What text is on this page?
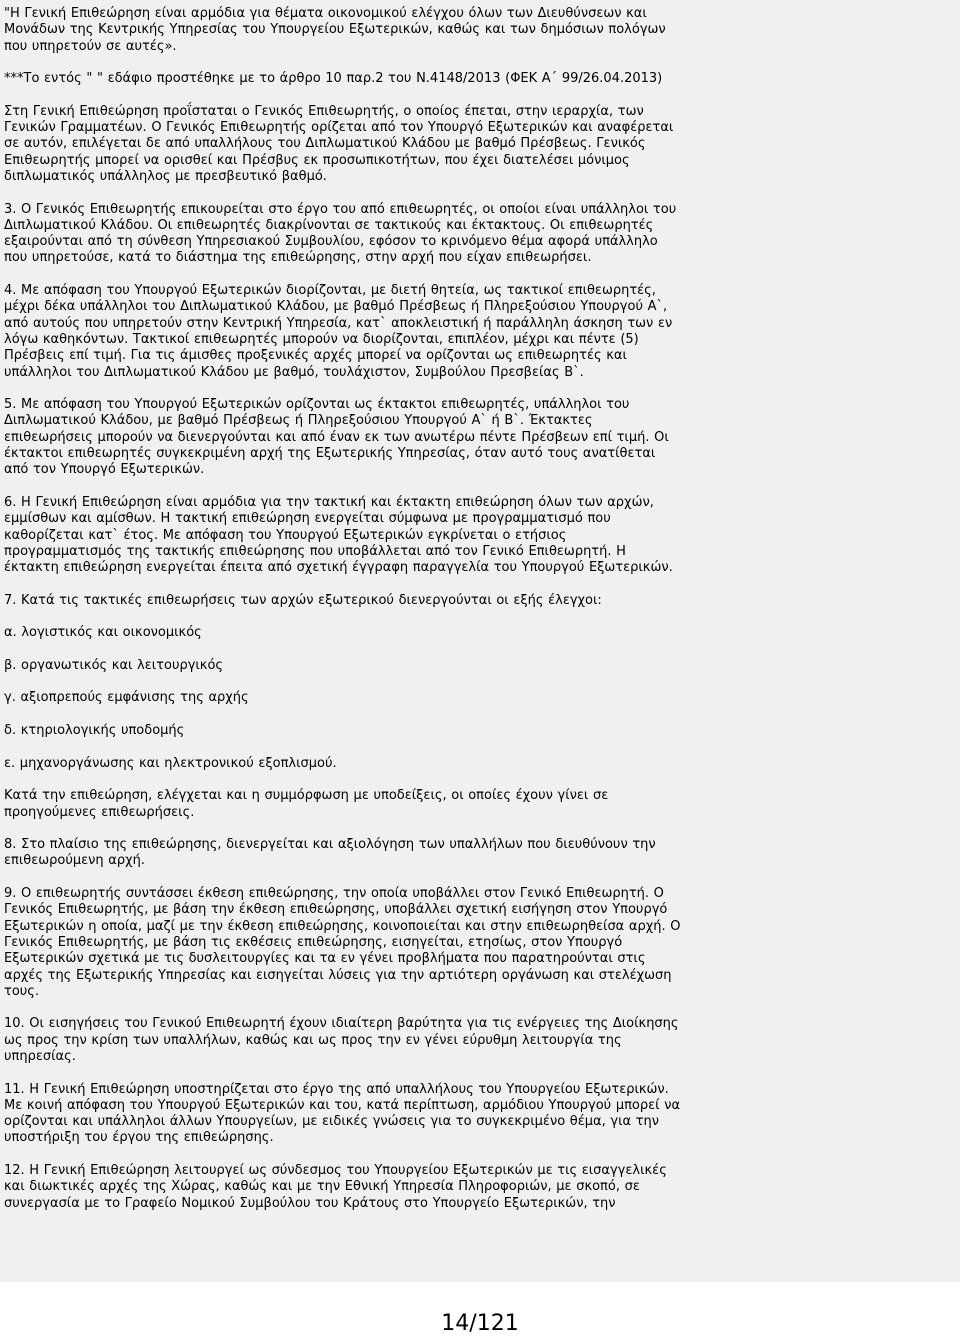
"Η Γενική Επιθεώρηση είναι αρμόδια για θέματα οικονομικού ελέγχου όλων των Διευθύνσεων και Μονάδων της Κεντρικής Υπηρεσίας του Υπουργείου Εξωτερικών, καθώς και των δημόσιων πολόγων που υπηρετούν σε αυτές».

***Το εντός " " εδάφιο προστέθηκε με το άρθρο 10 παρ.2 του Ν.4148/2013 (ΦΕΚ Α΄ 99/26.04.2013)

Στη Γενική Επιθεώρηση προΐσταται ο Γενικός Επιθεωρητής, ο οποίος έπεται, στην ιεραρχία, των Γενικών Γραμματέων. Ο Γενικός Επιθεωρητής ορίζεται από τον Υπουργό Εξωτερικών και αναφέρεται σε αυτόν, επιλέγεται δε από υπαλλήλους του Διπλωματικού Κλάδου με βαθμό Πρέσβεως. Γενικός Επιθεωρητής μπορεί να ορισθεί και Πρέσβυς εκ προσωπικοτήτων, που έχει διατελέσει μόνιμος διπλωματικός υπάλληλος με πρεσβευτικό βαθμό.

3. Ο Γενικός Επιθεωρητής επικουρείται στο έργο του από επιθεωρητές, οι οποίοι είναι υπάλληλοι του Διπλωματικού Κλάδου. Οι επιθεωρητές διακρίνονται σε τακτικούς και έκτακτους. Οι επιθεωρητές εξαιρούνται από τη σύνθεση Υπηρεσιακού Συμβουλίου, εφόσον το κρινόμενο θέμα αφορά υπάλληλο που υπηρετούσε, κατά το διάστημα της επιθεώρησης, στην αρχή που είχαν επιθεωρήσει.

4. Με απόφαση του Υπουργού Εξωτερικών διορίζονται, με διετή θητεία, ως τακτικοί επιθεωρητές, μέχρι δέκα υπάλληλοι του Διπλωματικού Κλάδου, με βαθμό Πρέσβεως ή Πληρεξούσιου Υπουργού Α`, από αυτούς που υπηρετούν στην Κεντρική Υπηρεσία, κατ` αποκλειστική ή παράλληλη άσκηση των εν λόγω καθηκόντων. Τακτικοί επιθεωρητές μπορούν να διορίζονται, επιπλέον, μέχρι και πέντε (5) Πρέσβεις επί τιμή. Για τις άμισθες προξενικές αρχές μπορεί να ορίζονται ως επιθεωρητές και υπάλληλοι του Διπλωματικού Κλάδου με βαθμό, τουλάχιστον, Συμβούλου Πρεσβείας Β`.

5. Με απόφαση του Υπουργού Εξωτερικών ορίζονται ως έκτακτοι επιθεωρητές, υπάλληλοι του Διπλωματικού Κλάδου, με βαθμό Πρέσβεως ή Πληρεξούσιου Υπουργού Α` ή Β`. Έκτακτες επιθεωρήσεις μπορούν να διενεργούνται και από έναν εκ των ανωτέρω πέντε Πρέσβεων επί τιμή. Οι έκτακτοι επιθεωρητές συγκεκριμένη αρχή της Εξωτερικής Υπηρεσίας, όταν αυτό τους ανατίθεται από τον Υπουργό Εξωτερικών.

6. Η Γενική Επιθεώρηση είναι αρμόδια για την τακτική και έκτακτη επιθεώρηση όλων των αρχών, εμμίσθων και αμίσθων. Η τακτική επιθεώρηση ενεργείται σύμφωνα με προγραμματισμό που καθορίζεται κατ` έτος. Με απόφαση του Υπουργού Εξωτερικών εγκρίνεται ο ετήσιος προγραμματισμός της τακτικής επιθεώρησης που υποβάλλεται από τον Γενικό Επιθεωρητή. Η έκτακτη επιθεώρηση ενεργείται έπειτα από σχετική έγγραφη παραγγελία του Υπουργού Εξωτερικών.

7. Κατά τις τακτικές επιθεωρήσεις των αρχών εξωτερικού διενεργούνται οι εξής έλεγχοι:

α. λογιστικός και οικονομικός

β. οργανωτικός και λειτουργικός

γ. αξιοπρεπούς εμφάνισης της αρχής

δ. κτηριολογικής υποδομής

ε. μηχανοργάνωσης και ηλεκτρονικού εξοπλισμού.

Κατά την επιθεώρηση, ελέγχεται και η συμμόρφωση με υποδείξεις, οι οποίες έχουν γίνει σε προηγούμενες επιθεωρήσεις.

8. Στο πλαίσιο της επιθεώρησης, διενεργείται και αξιολόγηση των υπαλλήλων που διευθύνουν την επιθεωρούμενη αρχή.

9. Ο επιθεωρητής συντάσσει έκθεση επιθεώρησης, την οποία υποβάλλει στον Γενικό Επιθεωρητή. Ο Γενικός Επιθεωρητής, με βάση την έκθεση επιθεώρησης, υποβάλλει σχετική εισήγηση στον Υπουργό Εξωτερικών η οποία, μαζί με την έκθεση επιθεώρησης, κοινοποιείται και στην επιθεωρηθείσα αρχή. Ο Γενικός Επιθεωρητής, με βάση τις εκθέσεις επιθεώρησης, εισηγείται, ετησίως, στον Υπουργό Εξωτερικών σχετικά με τις δυσλειτουργίες και τα εν γένει προβλήματα που παρατηρούνται στις αρχές της Εξωτερικής Υπηρεσίας και εισηγείται λύσεις για την αρτιότερη οργάνωση και στελέχωση τους.

10. Οι εισηγήσεις του Γενικού Επιθεωρητή έχουν ιδιαίτερη βαρύτητα για τις ενέργειες της Διοίκησης ως προς την κρίση των υπαλλήλων, καθώς και ως προς την εν γένει εύρυθμη λειτουργία της υπηρεσίας.

11. Η Γενική Επιθεώρηση υποστηρίζεται στο έργο της από υπαλλήλους του Υπουργείου Εξωτερικών. Με κοινή απόφαση του Υπουργού Εξωτερικών και του, κατά περίπτωση, αρμόδιου Υπουργού μπορεί να ορίζονται και υπάλληλοι άλλων Υπουργείων, με ειδικές γνώσεις για το συγκεκριμένο θέμα, για την υποστήριξη του έργου της επιθεώρησης.

12. Η Γενική Επιθεώρηση λειτουργεί ως σύνδεσμος του Υπουργείου Εξωτερικών με τις εισαγγελικές και διωκτικές αρχές της Χώρας, καθώς και με την Εθνική Υπηρεσία Πληροφοριών, με σκοπό, σε συνεργασία με το Γραφείο Νομικού Συμβούλου του Κράτους στο Υπουργείο Εξωτερικών, την

14/121
